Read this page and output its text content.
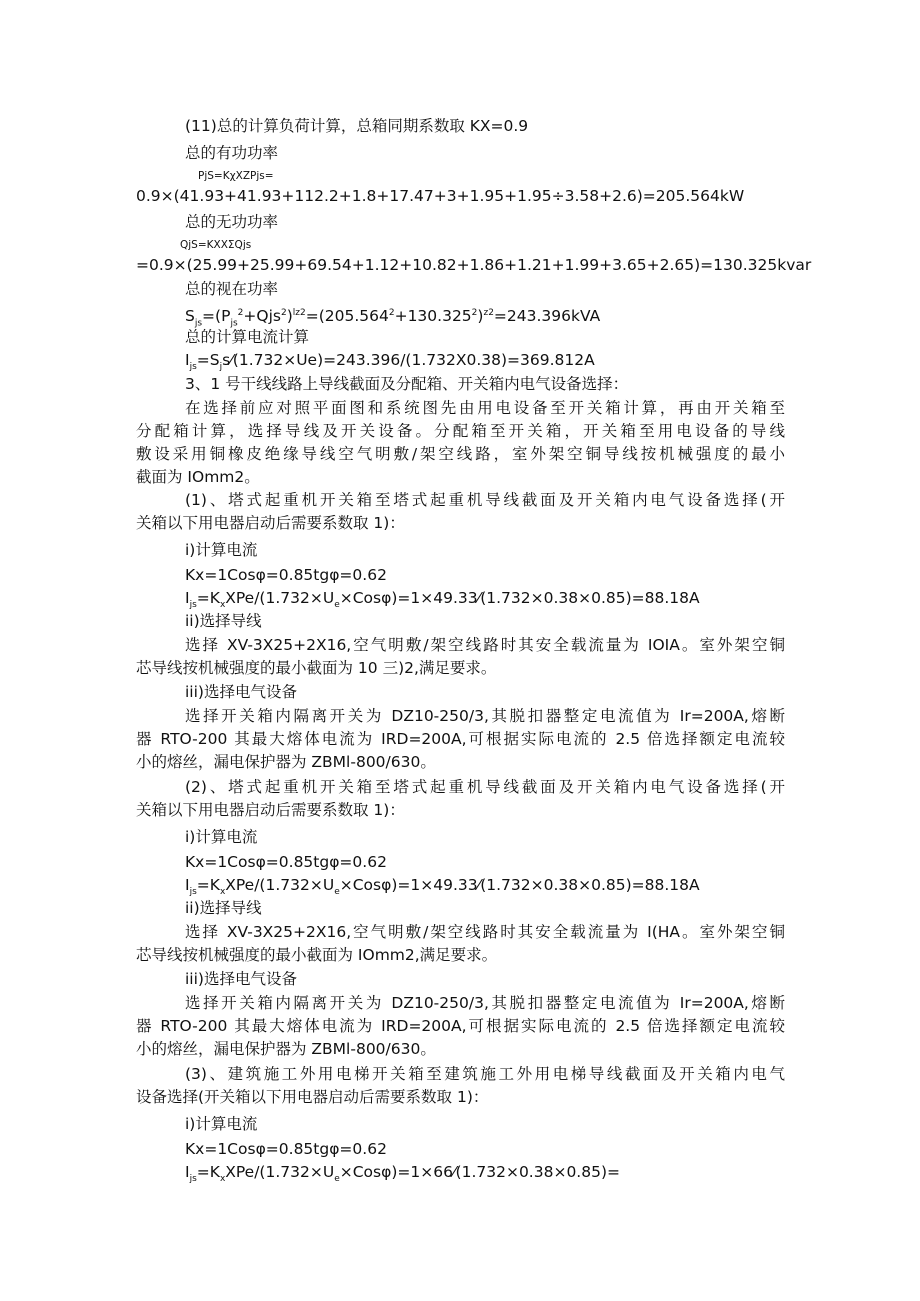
(11)总的计算负荷计算，总箱同期系数取 KX=0.9
总的有功功率
PjS=KχXZPjs=
0.9×(41.93+41.93+112.2+1.8+17.47+3+1.95+1.95÷3.58+2.6)=205.564kW
总的无功功率
QjS=KXXΣQjs
=0.9×(25.99+25.99+69.54+1.12+10.82+1.86+1.21+1.99+3.65+2.65)=130.325kvar
总的视在功率
$S_{js}=(P_{js}^2+Qjs^2)^{lz2}=(205.564^2+130.325^2)^{z2}=243.396kVA$
总的计算电流计算
$I_{js}=S_js⁄(1.732\times Ue)=243.396/(1.732X0.38)=369.812A$
3、1 号干线线路上导线截面及分配箱、开关箱内电气设备选择：
在选择前应对照平面图和系统图先由用电设备至开关箱计算，再由开关箱至
分配箱计算，选择导线及开关设备。分配箱至开关箱，开关箱至用电设备的导线
敷设采用铜橡皮绝缘导线空气明敷/架空线路，室外架空铜导线按机械强度的最小
截面为 IOmm2。
(1)、塔式起重机开关箱至塔式起重机导线截面及开关箱内电气设备选择(开
关箱以下用电器启动后需要系数取 1)：
i)计算电流
Kx=1Cosφ=0.85tgφ=0.62
$I_{js}=K_xXPe/(1.732\times U_e\times Cos\varphi)=1\times 49.33⁄(1.732\times 0.38\times 0.85)=88.18A$
ii)选择导线
选择 XV-3X25+2X16,空气明敷/架空线路时其安全载流量为 IOIA。室外架空铜
芯导线按机械强度的最小截面为 10 三)2,满足要求。
iii)选择电气设备
选择开关箱内隔离开关为 DZ10-250/3,其脱扣器整定电流值为 Ir=200A,熔断
器 RTO-200 其最大熔体电流为 IRD=200A,可根据实际电流的 2.5 倍选择额定电流较
小的熔丝，漏电保护器为 ZBMl-800/630。
(2)、塔式起重机开关箱至塔式起重机导线截面及开关箱内电气设备选择(开
关箱以下用电器启动后需要系数取 1)：
i)计算电流
Kx=1Cosφ=0.85tgφ=0.62
$I_{js}=K_xXPe/(1.732\times U_e\times Cos\varphi)=1\times 49.33⁄(1.732\times 0.38\times 0.85)=88.18A$
ii)选择导线
选择 XV-3X25+2X16,空气明敷/架空线路时其安全载流量为 I(HA。室外架空铜
芯导线按机械强度的最小截面为 IOmm2,满足要求。
iii)选择电气设备
选择开关箱内隔离开关为 DZ10-250/3,其脱扣器整定电流值为 Ir=200A,熔断
器 RTO-200 其最大熔体电流为 IRD=200A,可根据实际电流的 2.5 倍选择额定电流较
小的熔丝，漏电保护器为 ZBMl-800/630。
(3)、建筑施工外用电梯开关箱至建筑施工外用电梯导线截面及开关箱内电气
设备选择(开关箱以下用电器启动后需要系数取 1)：
i)计算电流
Kx=1Cosφ=0.85tgφ=0.62
$I_{js}=K_xXPe/(1.732\times U_e\times Cos\varphi)=1\times 66⁄(1.732\times 0.38\times 0.85)=$
